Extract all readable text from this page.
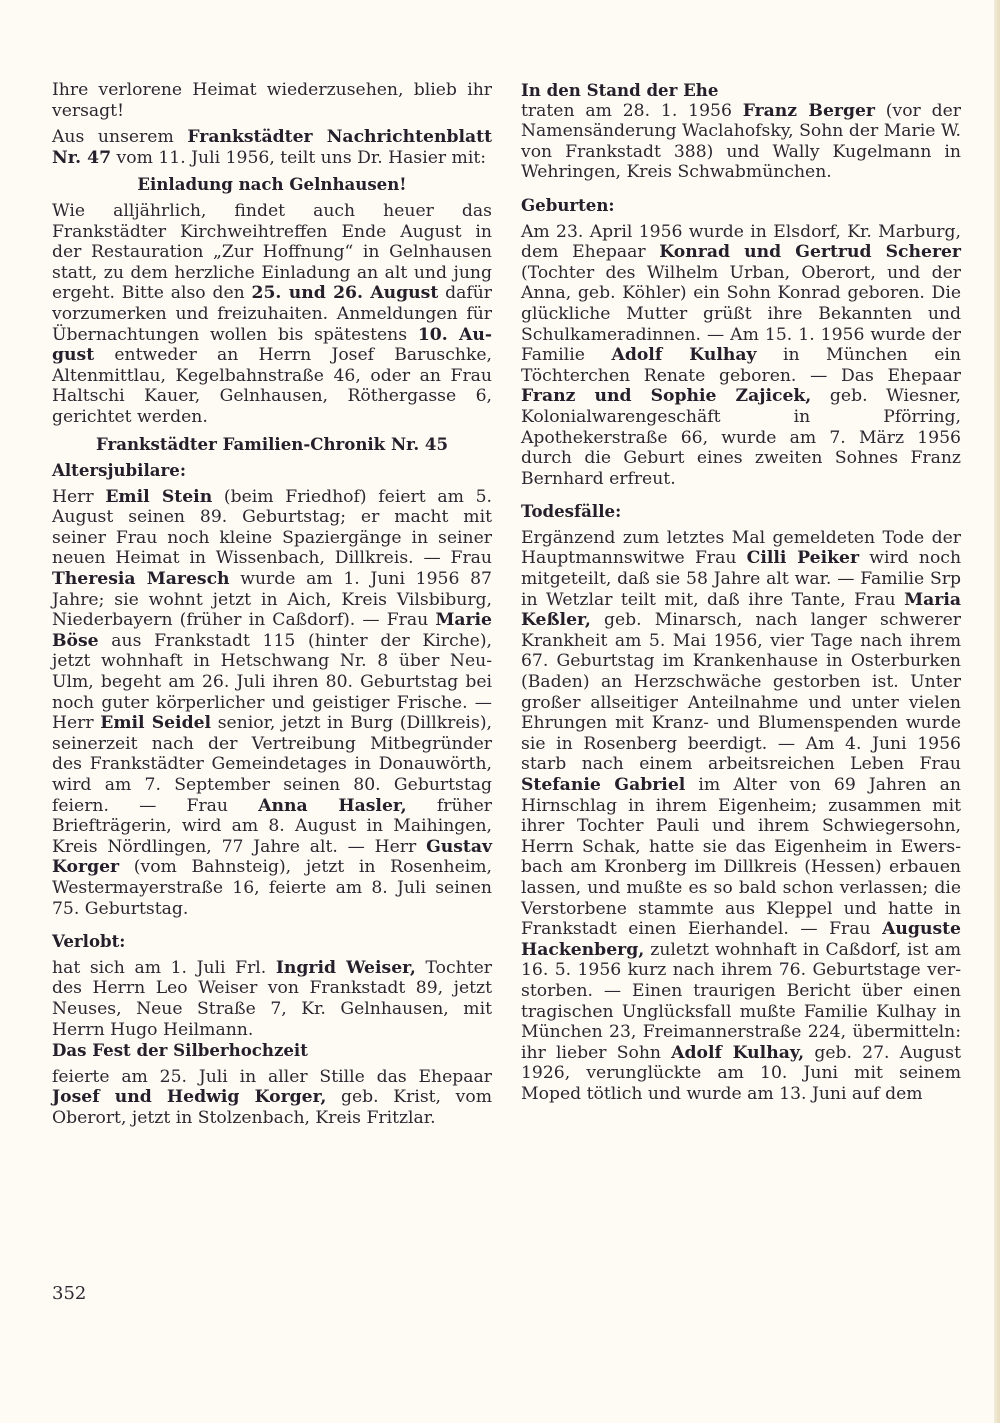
Ihre verlorene Heimat wiederzusehen, blieb ihr versagt!
Aus unserem Frankstädter Nachrichtenblatt Nr. 47 vom 11. Juli 1956, teilt uns Dr. Hasier mit:
Einladung nach Gelnhausen!
Wie alljährlich, findet auch heuer das Frankstädter Kirchweihtreffen Ende August in der Restauration „Zur Hoffnung“ in Gelnhausen statt, zu dem herzliche Einladung an alt und jung ergeht. Bitte also den 25. und 26. August dafür vorzumerken und freizuhaiten. Anmeldungen für Übernachtungen wollen bis spätestens 10. August entweder an Herrn Josef Baruschke, Altenmittlau, Kegelbahnstraße 46, oder an Frau Haltschi Kauer, Gelnhausen, Röthergasse 6, gerichtet werden.
Frankstädter Familien-Chronik Nr. 45
Altersjubilare:
Herr Emil Stein (beim Friedhof) feiert am 5. August seinen 89. Geburtstag; er macht mit seiner Frau noch kleine Spaziergänge in seiner neuen Heimat in Wissenbach, Dillkreis. — Frau Theresia Maresch wurde am 1. Juni 1956 87 Jahre; sie wohnt jetzt in Aich, Kreis Vilsbiburg, Niederbayern (früher in Caßdorf). — Frau Marie Böse aus Frankstadt 115 (hinter der Kirche), jetzt wohnhaft in Hetschwang Nr. 8 über Neu-Ulm, begeht am 26. Juli ihren 80. Geburtstag bei noch guter körperlicher und geistiger Frische. — Herr Emil Seidel senior, jetzt in Burg (Dillkreis), seinerzeit nach der Vertreibung Mitbegründer des Frankstädter Gemeindetages in Donauwörth, wird am 7. September seinen 80. Geburtstag feiern. — Frau Anna Hasler, früher Briefträgerin, wird am 8. August in Maihingen, Kreis Nördlingen, 77 Jahre alt. — Herr Gustav Korger (vom Bahnsteig), jetzt in Rosenheim, Westermayerstraße 16, feierte am 8. Juli seinen 75. Geburtstag.
Verlobt:
hat sich am 1. Juli Frl. Ingrid Weiser, Tochter des Herrn Leo Weiser von Frankstadt 89, jetzt Neuses, Neue Straße 7, Kr. Gelnhausen, mit Herrn Hugo Heilmann.
Das Fest der Silberhochzeit
feierte am 25. Juli in aller Stille das Ehepaar Josef und Hedwig Korger, geb. Krist, vom Oberort, jetzt in Stolzenbach, Kreis Fritzlar.
In den Stand der Ehe
traten am 28. 1. 1956 Franz Berger (vor der Namensänderung Waclahofsky, Sohn der Marie W. von Frankstadt 388) und Wally Kugelmann in Wehringen, Kreis Schwabmünchen.
Geburten:
Am 23. April 1956 wurde in Elsdorf, Kr. Marburg, dem Ehepaar Konrad und Gertrud Scherer (Tochter des Wilhelm Urban, Oberort, und der Anna, geb. Köhler) ein Sohn Konrad geboren. Die glückliche Mutter grüßt ihre Bekannten und Schulkameradinnen. — Am 15. 1. 1956 wurde der Familie Adolf Kulhay in München ein Töchterchen Renate geboren. — Das Ehepaar Franz und Sophie Zajicek, geb. Wiesner, Kolonialwarengeschäft in Pförring, Apothekerstraße 66, wurde am 7. März 1956 durch die Geburt eines zweiten Sohnes Franz Bernhard erfreut.
Todesfälle:
Ergänzend zum letztes Mal gemeldeten Tode der Hauptmannswitwe Frau Cilli Peiker wird noch mitgeteilt, daß sie 58 Jahre alt war. — Familie Srp in Wetzlar teilt mit, daß ihre Tante, Frau Maria Keßler, geb. Minarsch, nach langer schwerer Krankheit am 5. Mai 1956, vier Tage nach ihrem 67. Geburtstag im Krankenhause in Osterburken (Baden) an Herzschwäche gestorben ist. Unter großer allseitiger Anteilnahme und unter vielen Ehrungen mit Kranz- und Blumenspenden wurde sie in Rosenberg beerdigt. — Am 4. Juni 1956 starb nach einem arbeitsreichen Leben Frau Stefanie Gabriel im Alter von 69 Jahren an Hirnschlag in ihrem Eigenheim; zusammen mit ihrer Tochter Pauli und ihrem Schwiegersohn, Herrn Schak, hatte sie das Eigenheim in Ewersbach am Kronberg im Dillkreis (Hessen) erbauen lassen, und mußte es so bald schon verlassen; die Verstorbene stammte aus Kleppel und hatte in Frankstadt einen Eierhandel. — Frau Auguste Hackenberg, zuletzt wohnhaft in Caßdorf, ist am 16. 5. 1956 kurz nach ihrem 76. Geburtstage verstorben. — Einen traurigen Bericht über einen tragischen Unglücksfall mußte Familie Kulhay in München 23, Freimannerstraße 224, übermitteln: ihr lieber Sohn Adolf Kulhay, geb. 27. August 1926, verunglückte am 10. Juni mit seinem Moped tötlich und wurde am 13. Juni auf dem
352
